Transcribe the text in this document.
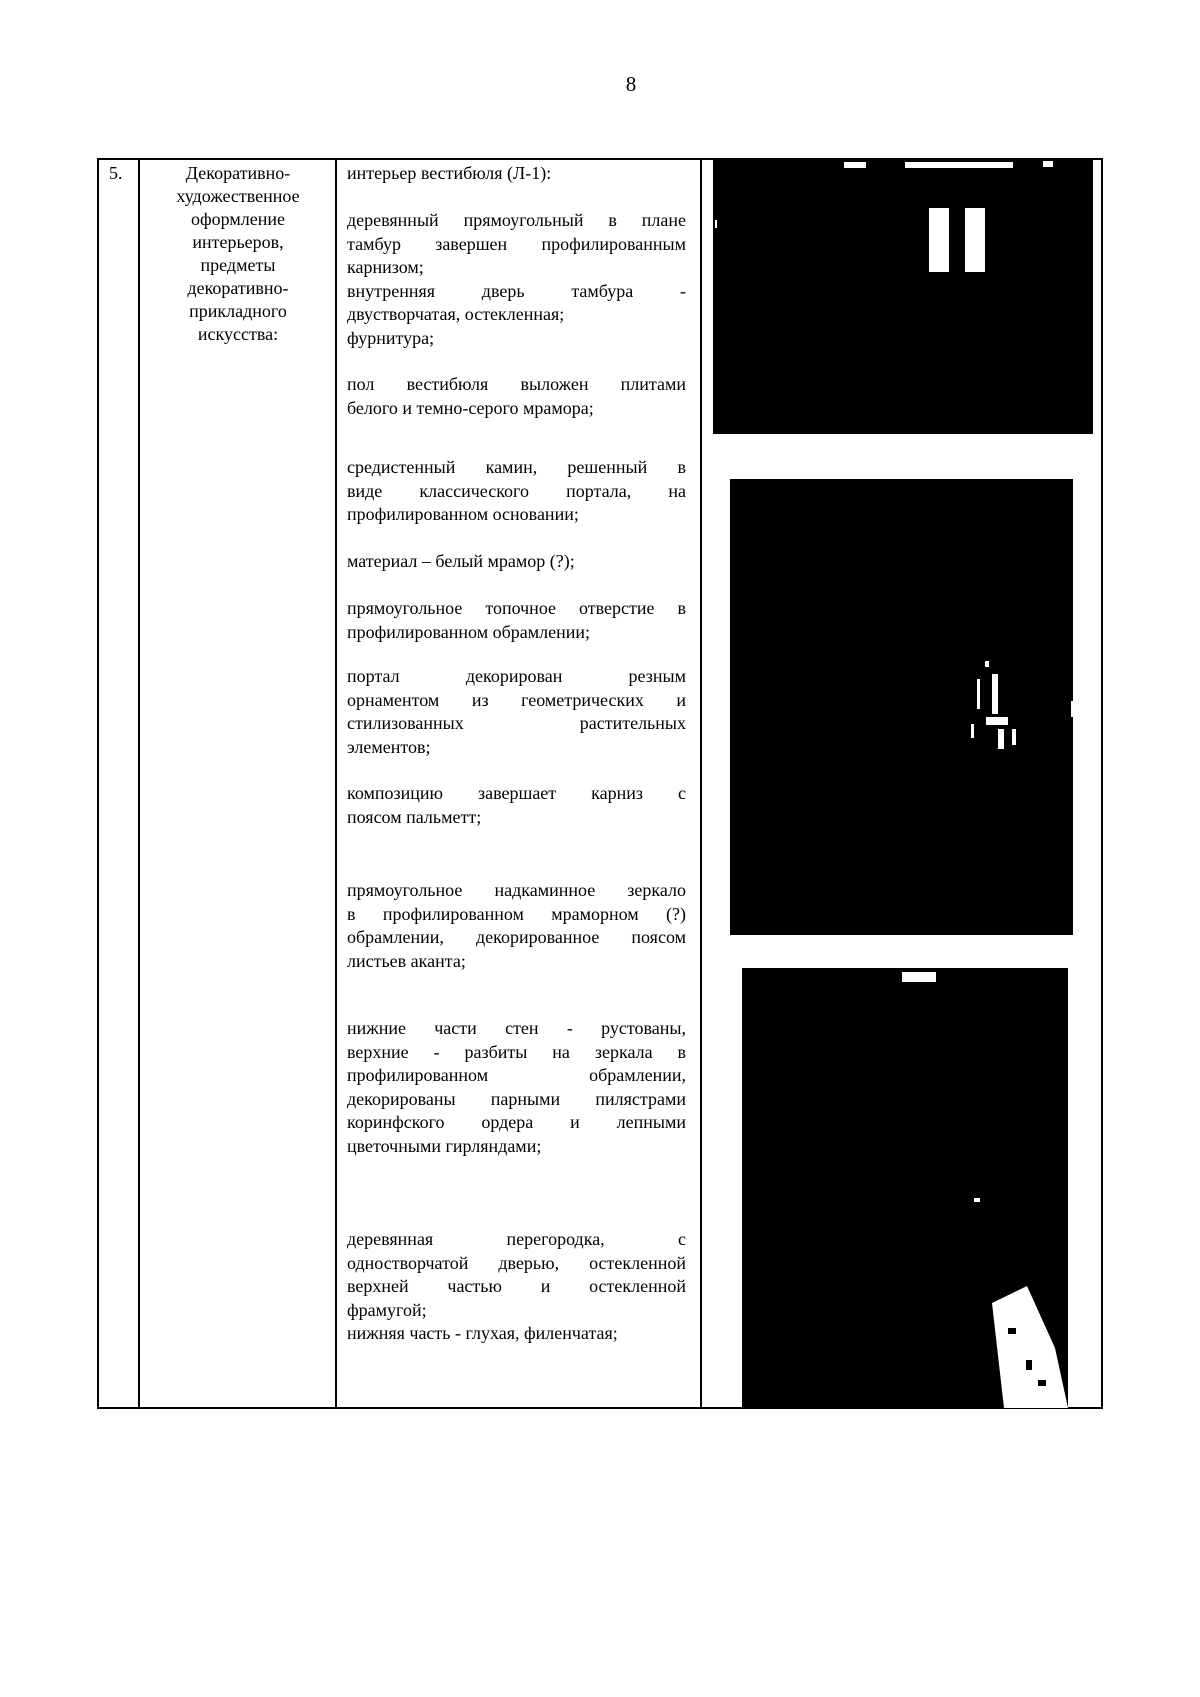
8
5.	Декоративно-
художественное
оформление
интерьеров,
предметы
декоративно-
прикладного
искусства:
интерьер вестибюля (Л-1):
деревянный прямоугольный в плане
тамбур завершен профилированным
карнизом;
внутренняя дверь тамбура -
двустворчатая, остекленная;
фурнитура;
пол вестибюля выложен плитами
белого и темно-серого мрамора;
средистенный камин, решенный в
виде классического портала, на
профилированном основании;
материал – белый мрамор (?);
прямоугольное топочное отверстие в
профилированном обрамлении;
портал декорирован резным
орнаментом из геометрических и
стилизованных растительных
элементов;
композицию завершает карниз с
поясом пальметт;
прямоугольное надкаминное зеркало
в профилированном мраморном (?)
обрамлении, декорированное поясом
листьев аканта;
нижние части стен - рустованы,
верхние - разбиты на зеркала в
профилированном обрамлении,
декорированы парными пилястрами
коринфского ордера и лепными
цветочными гирляндами;
деревянная перегородка, с
одностворчатой дверью, остекленной
верхней частью и остекленной
фрамугой;
нижняя часть - глухая, филенчатая;
